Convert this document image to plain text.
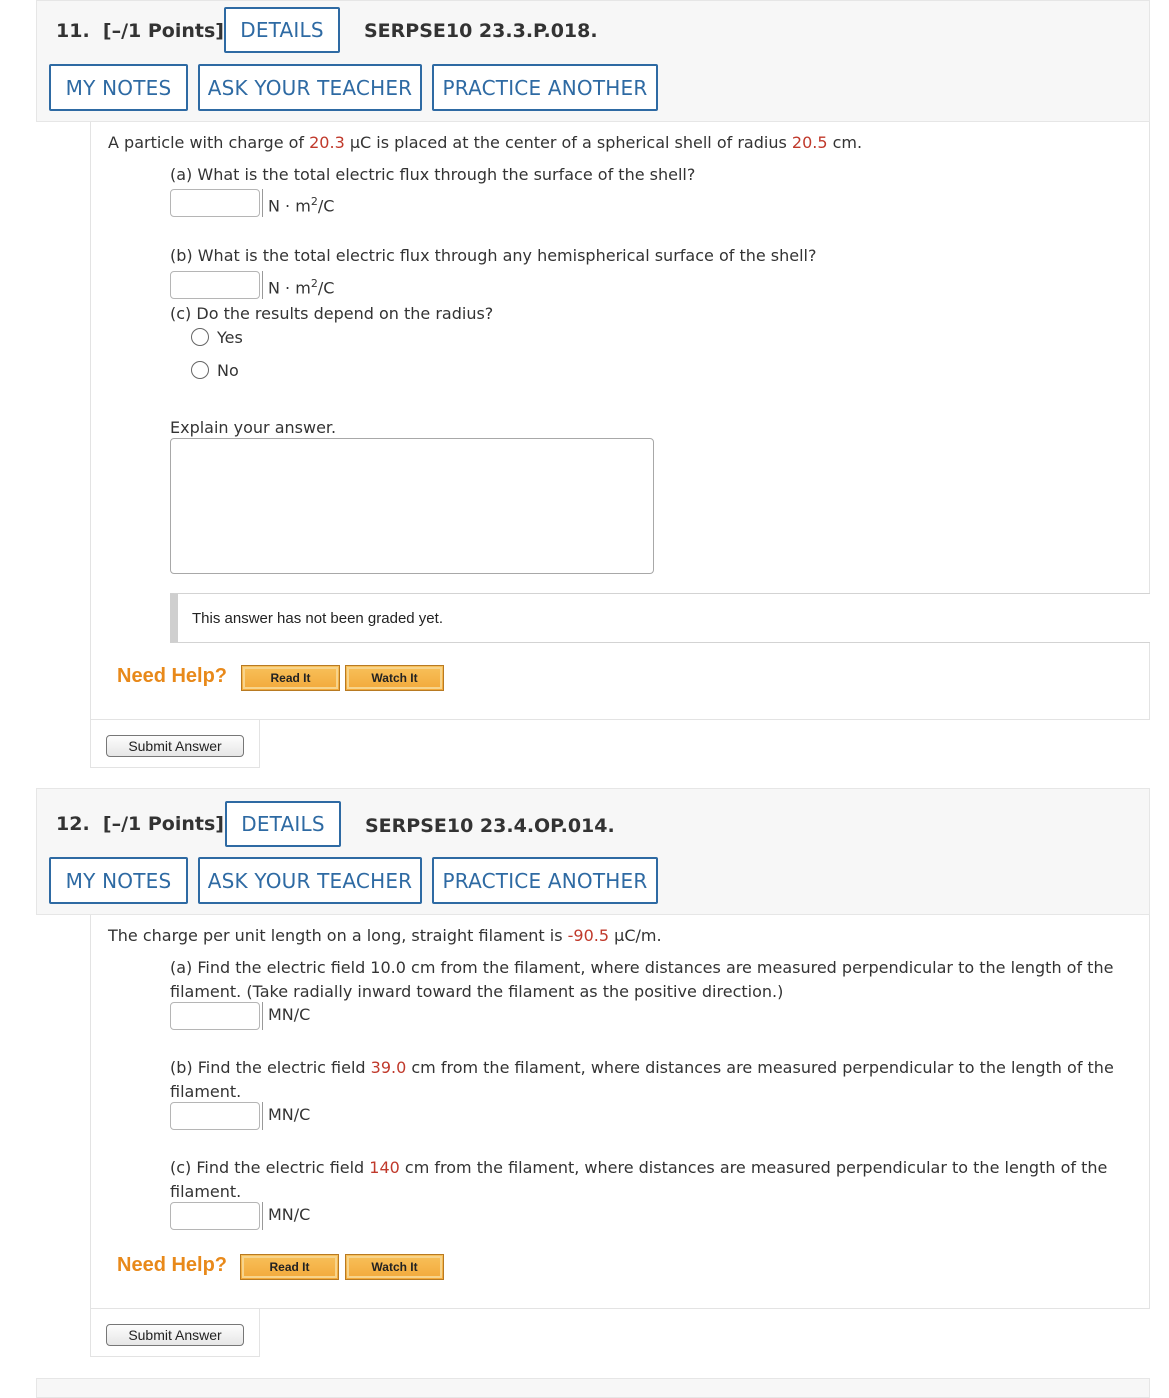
11. [–/1 Points] DETAILS	SERPSE10 23.3.P.018.
MY NOTES	ASK YOUR TEACHER	PRACTICE ANOTHER
A particle with charge of 20.3 μC is placed at the center of a spherical shell of radius 20.5 cm.
(a) What is the total electric flux through the surface of the shell?
$N \cdot m^2/C$
(b) What is the total electric flux through any hemispherical surface of the shell?
$N \cdot m^2/C$
(c) Do the results depend on the radius?
Yes
No
Explain your answer.
This answer has not been graded yet.
Need Help?	Read It	Watch It
Submit Answer
12. [–/1 Points] DETAILS	SERPSE10 23.4.OP.014.
MY NOTES	ASK YOUR TEACHER	PRACTICE ANOTHER
The charge per unit length on a long, straight filament is -90.5 μC/m.
(a) Find the electric field 10.0 cm from the filament, where distances are measured perpendicular to the length of the
filament. (Take radially inward toward the filament as the positive direction.)
MN/C
(b) Find the electric field 39.0 cm from the filament, where distances are measured perpendicular to the length of the
filament.
MN/C
(c) Find the electric field 140 cm from the filament, where distances are measured perpendicular to the length of the
filament.
MN/C
Need Help?	Read It	Watch It
Submit Answer
